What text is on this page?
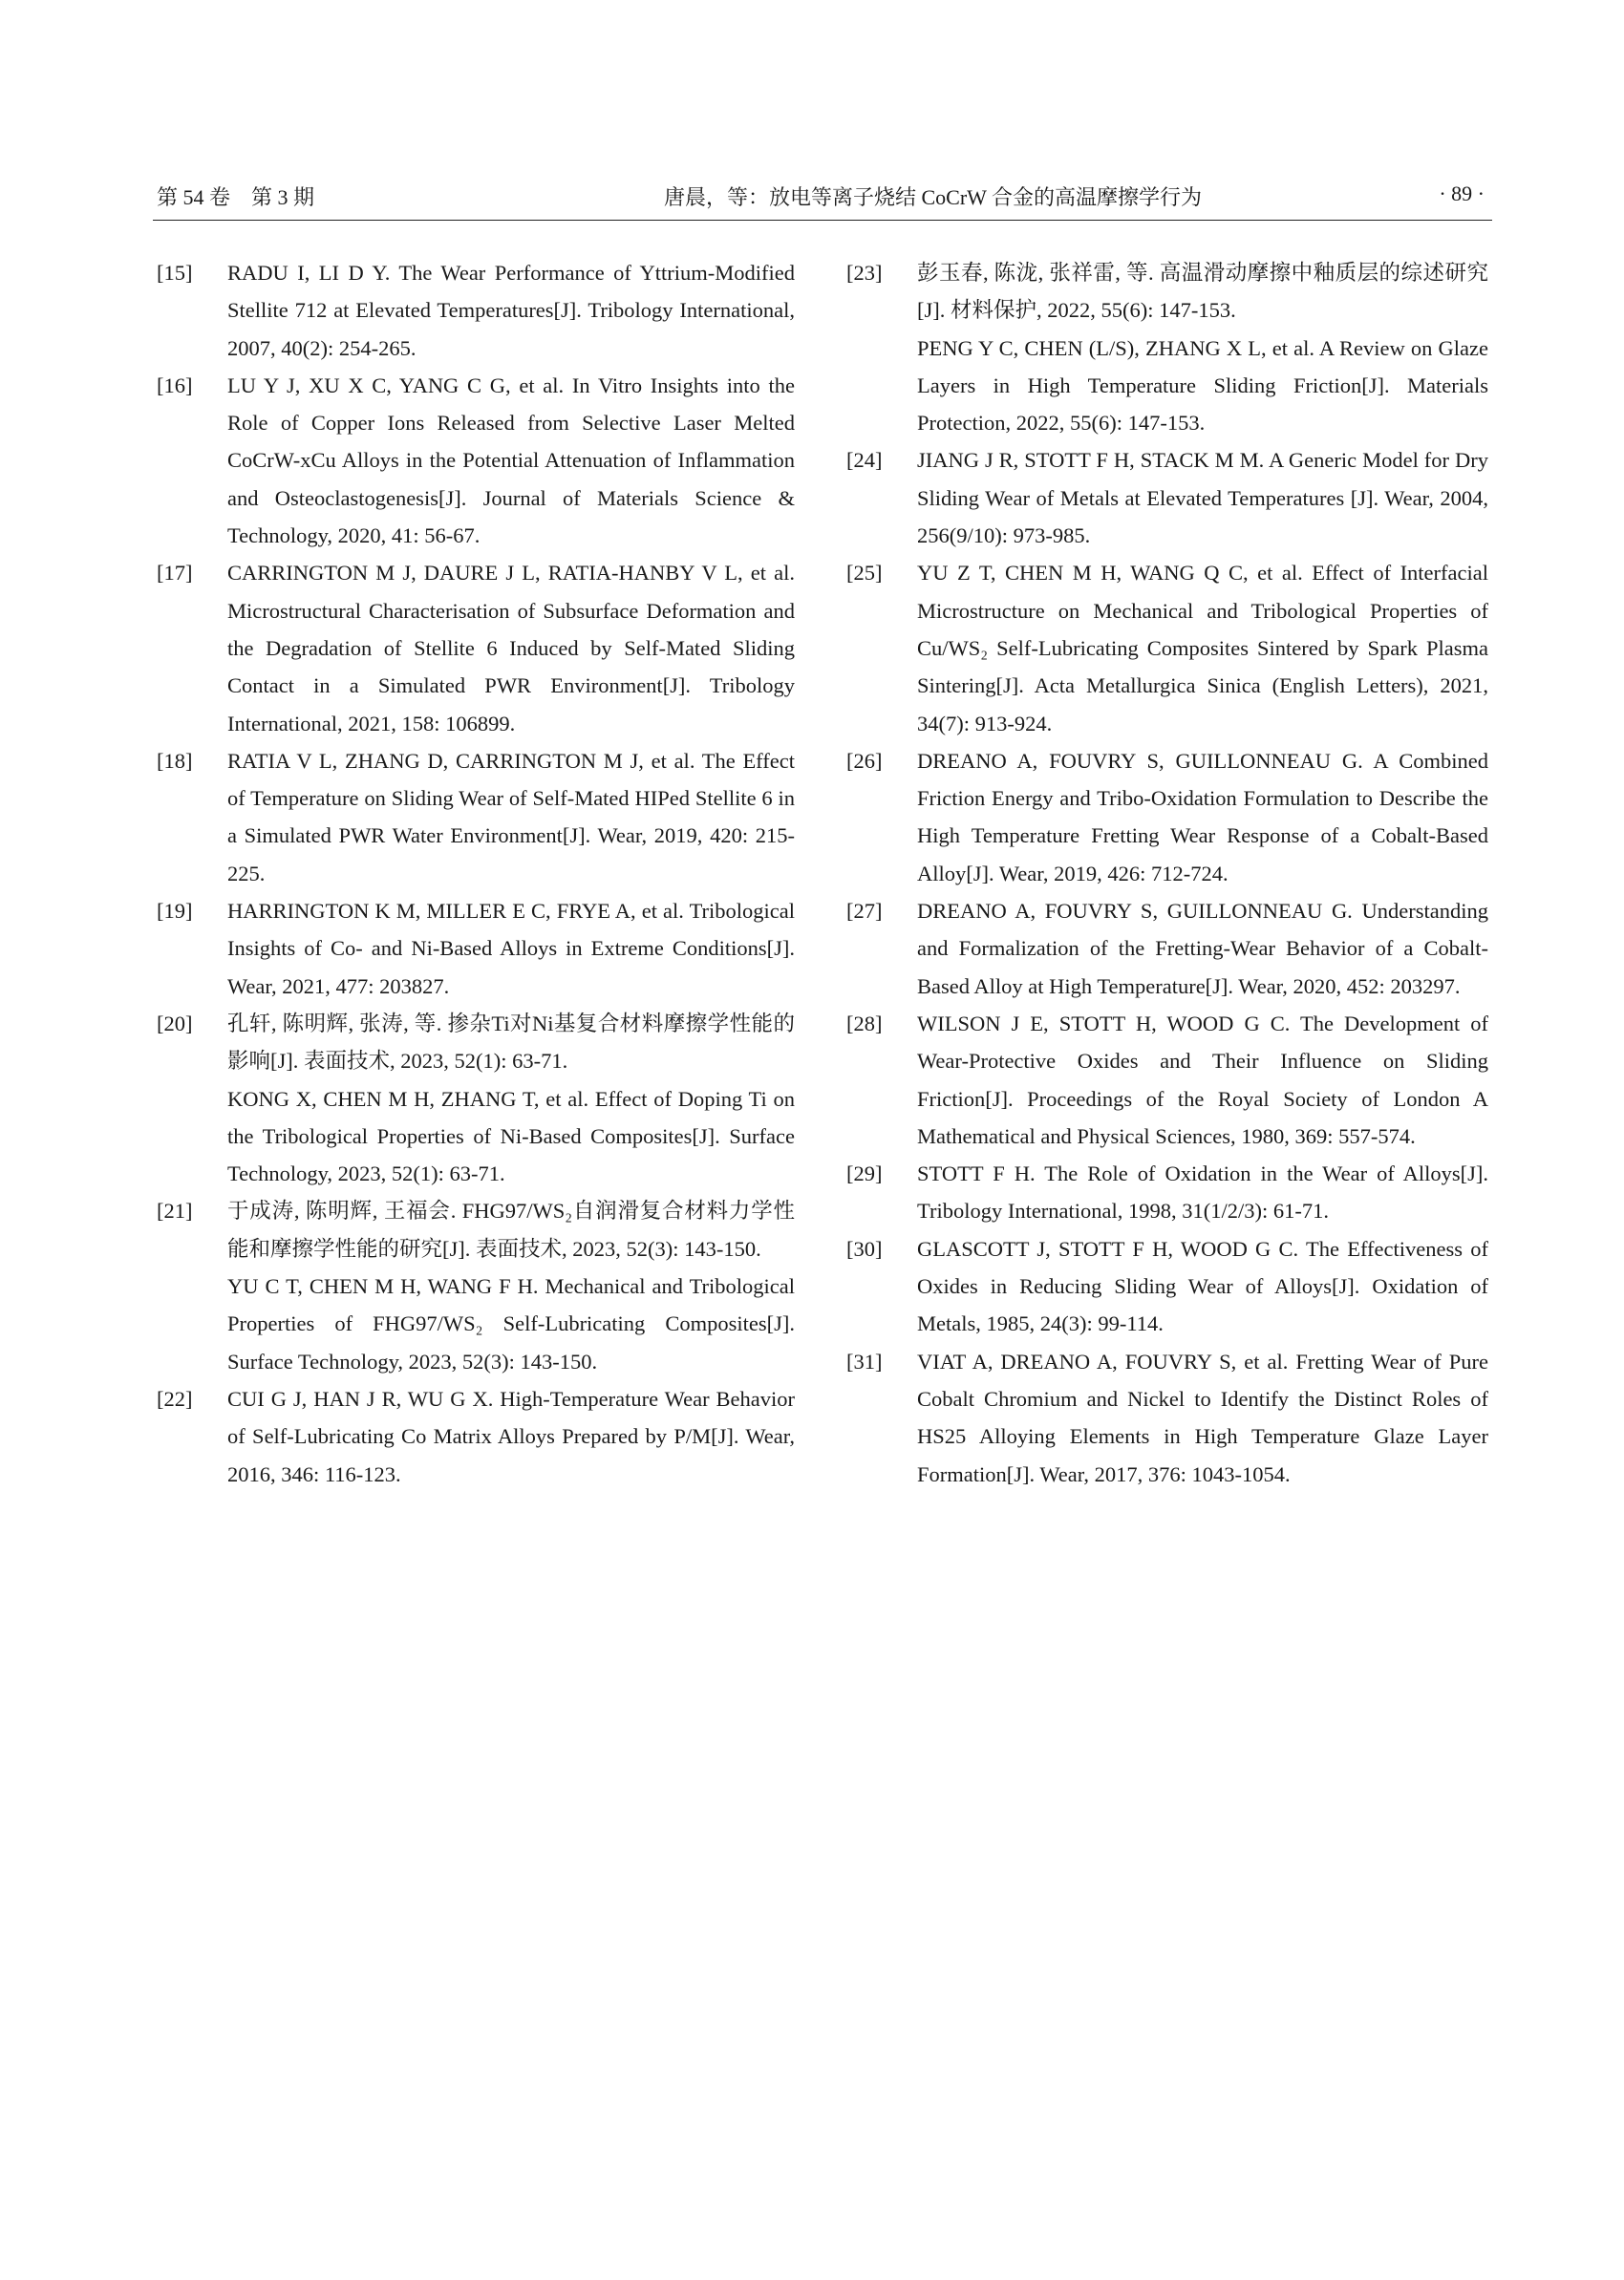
第 54 卷　第 3 期	唐晨，等：放电等离子烧结 CoCrW 合金的高温摩擦学行为	· 89 ·
[15] RADU I, LI D Y. The Wear Performance of Yttrium-Modified Stellite 712 at Elevated Temperatures[J]. Tribology International, 2007, 40(2): 254-265.
[16] LU Y J, XU X C, YANG C G, et al. In Vitro Insights into the Role of Copper Ions Released from Selective Laser Melted CoCrW-xCu Alloys in the Potential Attenuation of Inflammation and Osteoclastogenesis[J]. Journal of Materials Science & Technology, 2020, 41: 56-67.
[17] CARRINGTON M J, DAURE J L, RATIA-HANBY V L, et al. Microstructural Characterisation of Subsurface Deformation and the Degradation of Stellite 6 Induced by Self-Mated Sliding Contact in a Simulated PWR Environment[J]. Tribology International, 2021, 158: 106899.
[18] RATIA V L, ZHANG D, CARRINGTON M J, et al. The Effect of Temperature on Sliding Wear of Self-Mated HIPed Stellite 6 in a Simulated PWR Water Environment[J]. Wear, 2019, 420: 215-225.
[19] HARRINGTON K M, MILLER E C, FRYE A, et al. Tribological Insights of Co- and Ni-Based Alloys in Extreme Conditions[J]. Wear, 2021, 477: 203827.
[20] 孔轩, 陈明辉, 张涛, 等. 掺杂Ti对Ni基复合材料摩擦学性能的影响[J]. 表面技术, 2023, 52(1): 63-71.
KONG X, CHEN M H, ZHANG T, et al. Effect of Doping Ti on the Tribological Properties of Ni-Based Composites[J]. Surface Technology, 2023, 52(1): 63-71.
[21] 于成涛, 陈明辉, 王福会. FHG97/WS₂自润滑复合材料力学性能和摩擦学性能的研究[J]. 表面技术, 2023, 52(3): 143-150.
YU C T, CHEN M H, WANG F H. Mechanical and Tribological Properties of FHG97/WS₂ Self-Lubricating Composites[J]. Surface Technology, 2023, 52(3): 143-150.
[22] CUI G J, HAN J R, WU G X. High-Temperature Wear Behavior of Self-Lubricating Co Matrix Alloys Prepared by P/M[J]. Wear, 2016, 346: 116-123.
[23] 彭玉春, 陈泷, 张祥雷, 等. 高温滑动摩擦中釉质层的综述研究[J]. 材料保护, 2022, 55(6): 147-153.
PENG Y C, CHEN (L/S), ZHANG X L, et al. A Review on Glaze Layers in High Temperature Sliding Friction[J]. Materials Protection, 2022, 55(6): 147-153.
[24] JIANG J R, STOTT F H, STACK M M. A Generic Model for Dry Sliding Wear of Metals at Elevated Temperatures [J]. Wear, 2004, 256(9/10): 973-985.
[25] YU Z T, CHEN M H, WANG Q C, et al. Effect of Interfacial Microstructure on Mechanical and Tribological Properties of Cu/WS₂ Self-Lubricating Composites Sintered by Spark Plasma Sintering[J]. Acta Metallurgica Sinica (English Letters), 2021, 34(7): 913-924.
[26] DREANO A, FOUVRY S, GUILLONNEAU G. A Combined Friction Energy and Tribo-Oxidation Formulation to Describe the High Temperature Fretting Wear Response of a Cobalt-Based Alloy[J]. Wear, 2019, 426: 712-724.
[27] DREANO A, FOUVRY S, GUILLONNEAU G. Understanding and Formalization of the Fretting-Wear Behavior of a Cobalt-Based Alloy at High Temperature[J]. Wear, 2020, 452: 203297.
[28] WILSON J E, STOTT H, WOOD G C. The Development of Wear-Protective Oxides and Their Influence on Sliding Friction[J]. Proceedings of the Royal Society of London A Mathematical and Physical Sciences, 1980, 369: 557-574.
[29] STOTT F H. The Role of Oxidation in the Wear of Alloys[J]. Tribology International, 1998, 31(1/2/3): 61-71.
[30] GLASCOTT J, STOTT F H, WOOD G C. The Effectiveness of Oxides in Reducing Sliding Wear of Alloys[J]. Oxidation of Metals, 1985, 24(3): 99-114.
[31] VIAT A, DREANO A, FOUVRY S, et al. Fretting Wear of Pure Cobalt Chromium and Nickel to Identify the Distinct Roles of HS25 Alloying Elements in High Temperature Glaze Layer Formation[J]. Wear, 2017, 376: 1043-1054.
